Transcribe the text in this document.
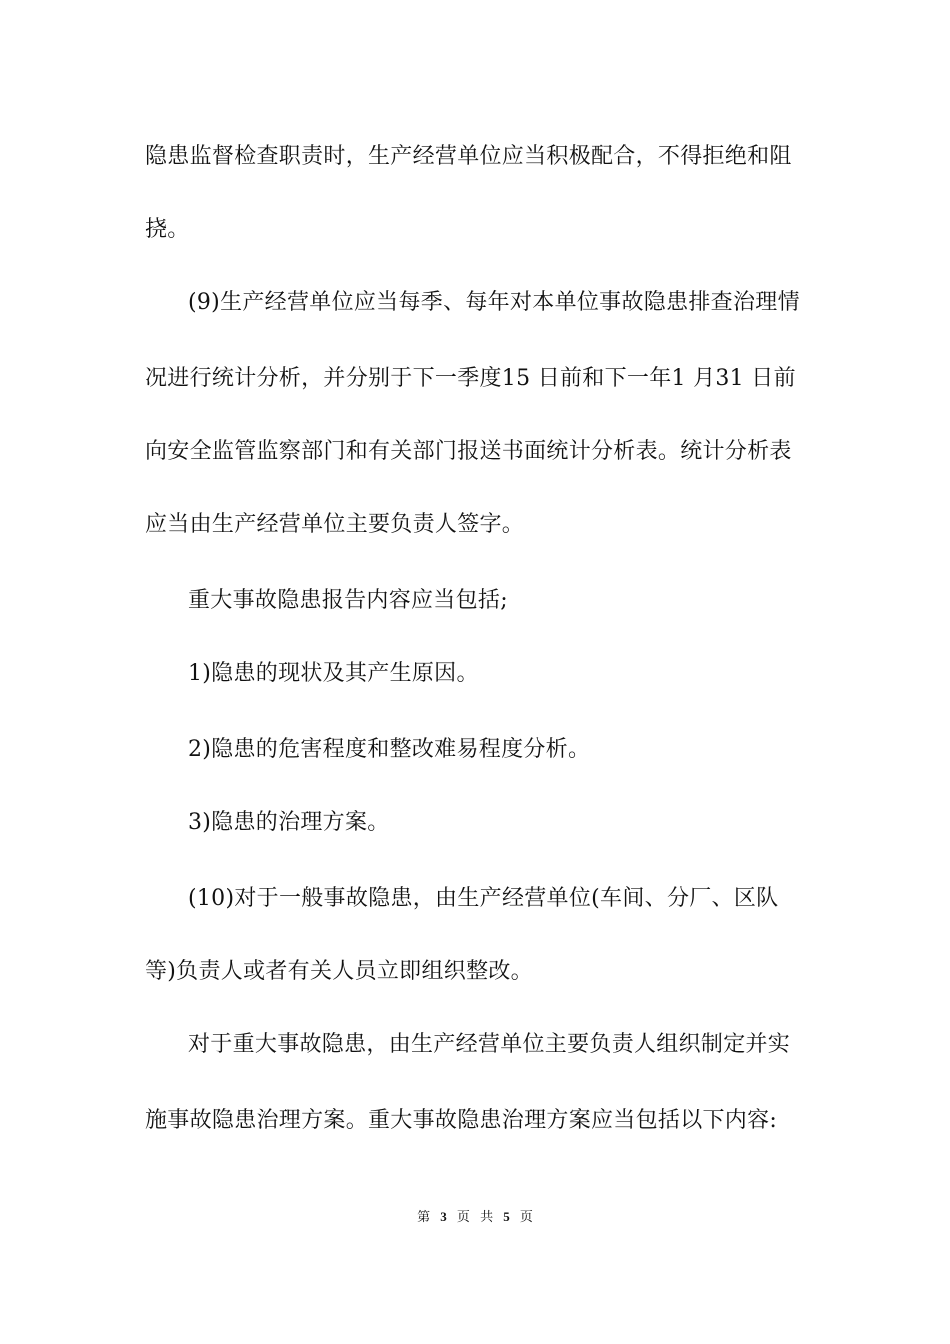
隐患监督检查职责时，生产经营单位应当积极配合，不得拒绝和阻
挠。
(9)生产经营单位应当每季、每年对本单位事故隐患排查治理情
况进行统计分析，并分别于下一季度15 日前和下一年1 月31 日前
向安全监管监察部门和有关部门报送书面统计分析表。统计分析表
应当由生产经营单位主要负责人签字。
重大事故隐患报告内容应当包括;
1)隐患的现状及其产生原因。
2)隐患的危害程度和整改难易程度分析。
3)隐患的治理方案。
(10)对于一般事故隐患，由生产经营单位(车间、分厂、区队
等)负责人或者有关人员立即组织整改。
对于重大事故隐患，由生产经营单位主要负责人组织制定并实
施事故隐患治理方案。重大事故隐患治理方案应当包括以下内容:
第 3 页 共 5 页
